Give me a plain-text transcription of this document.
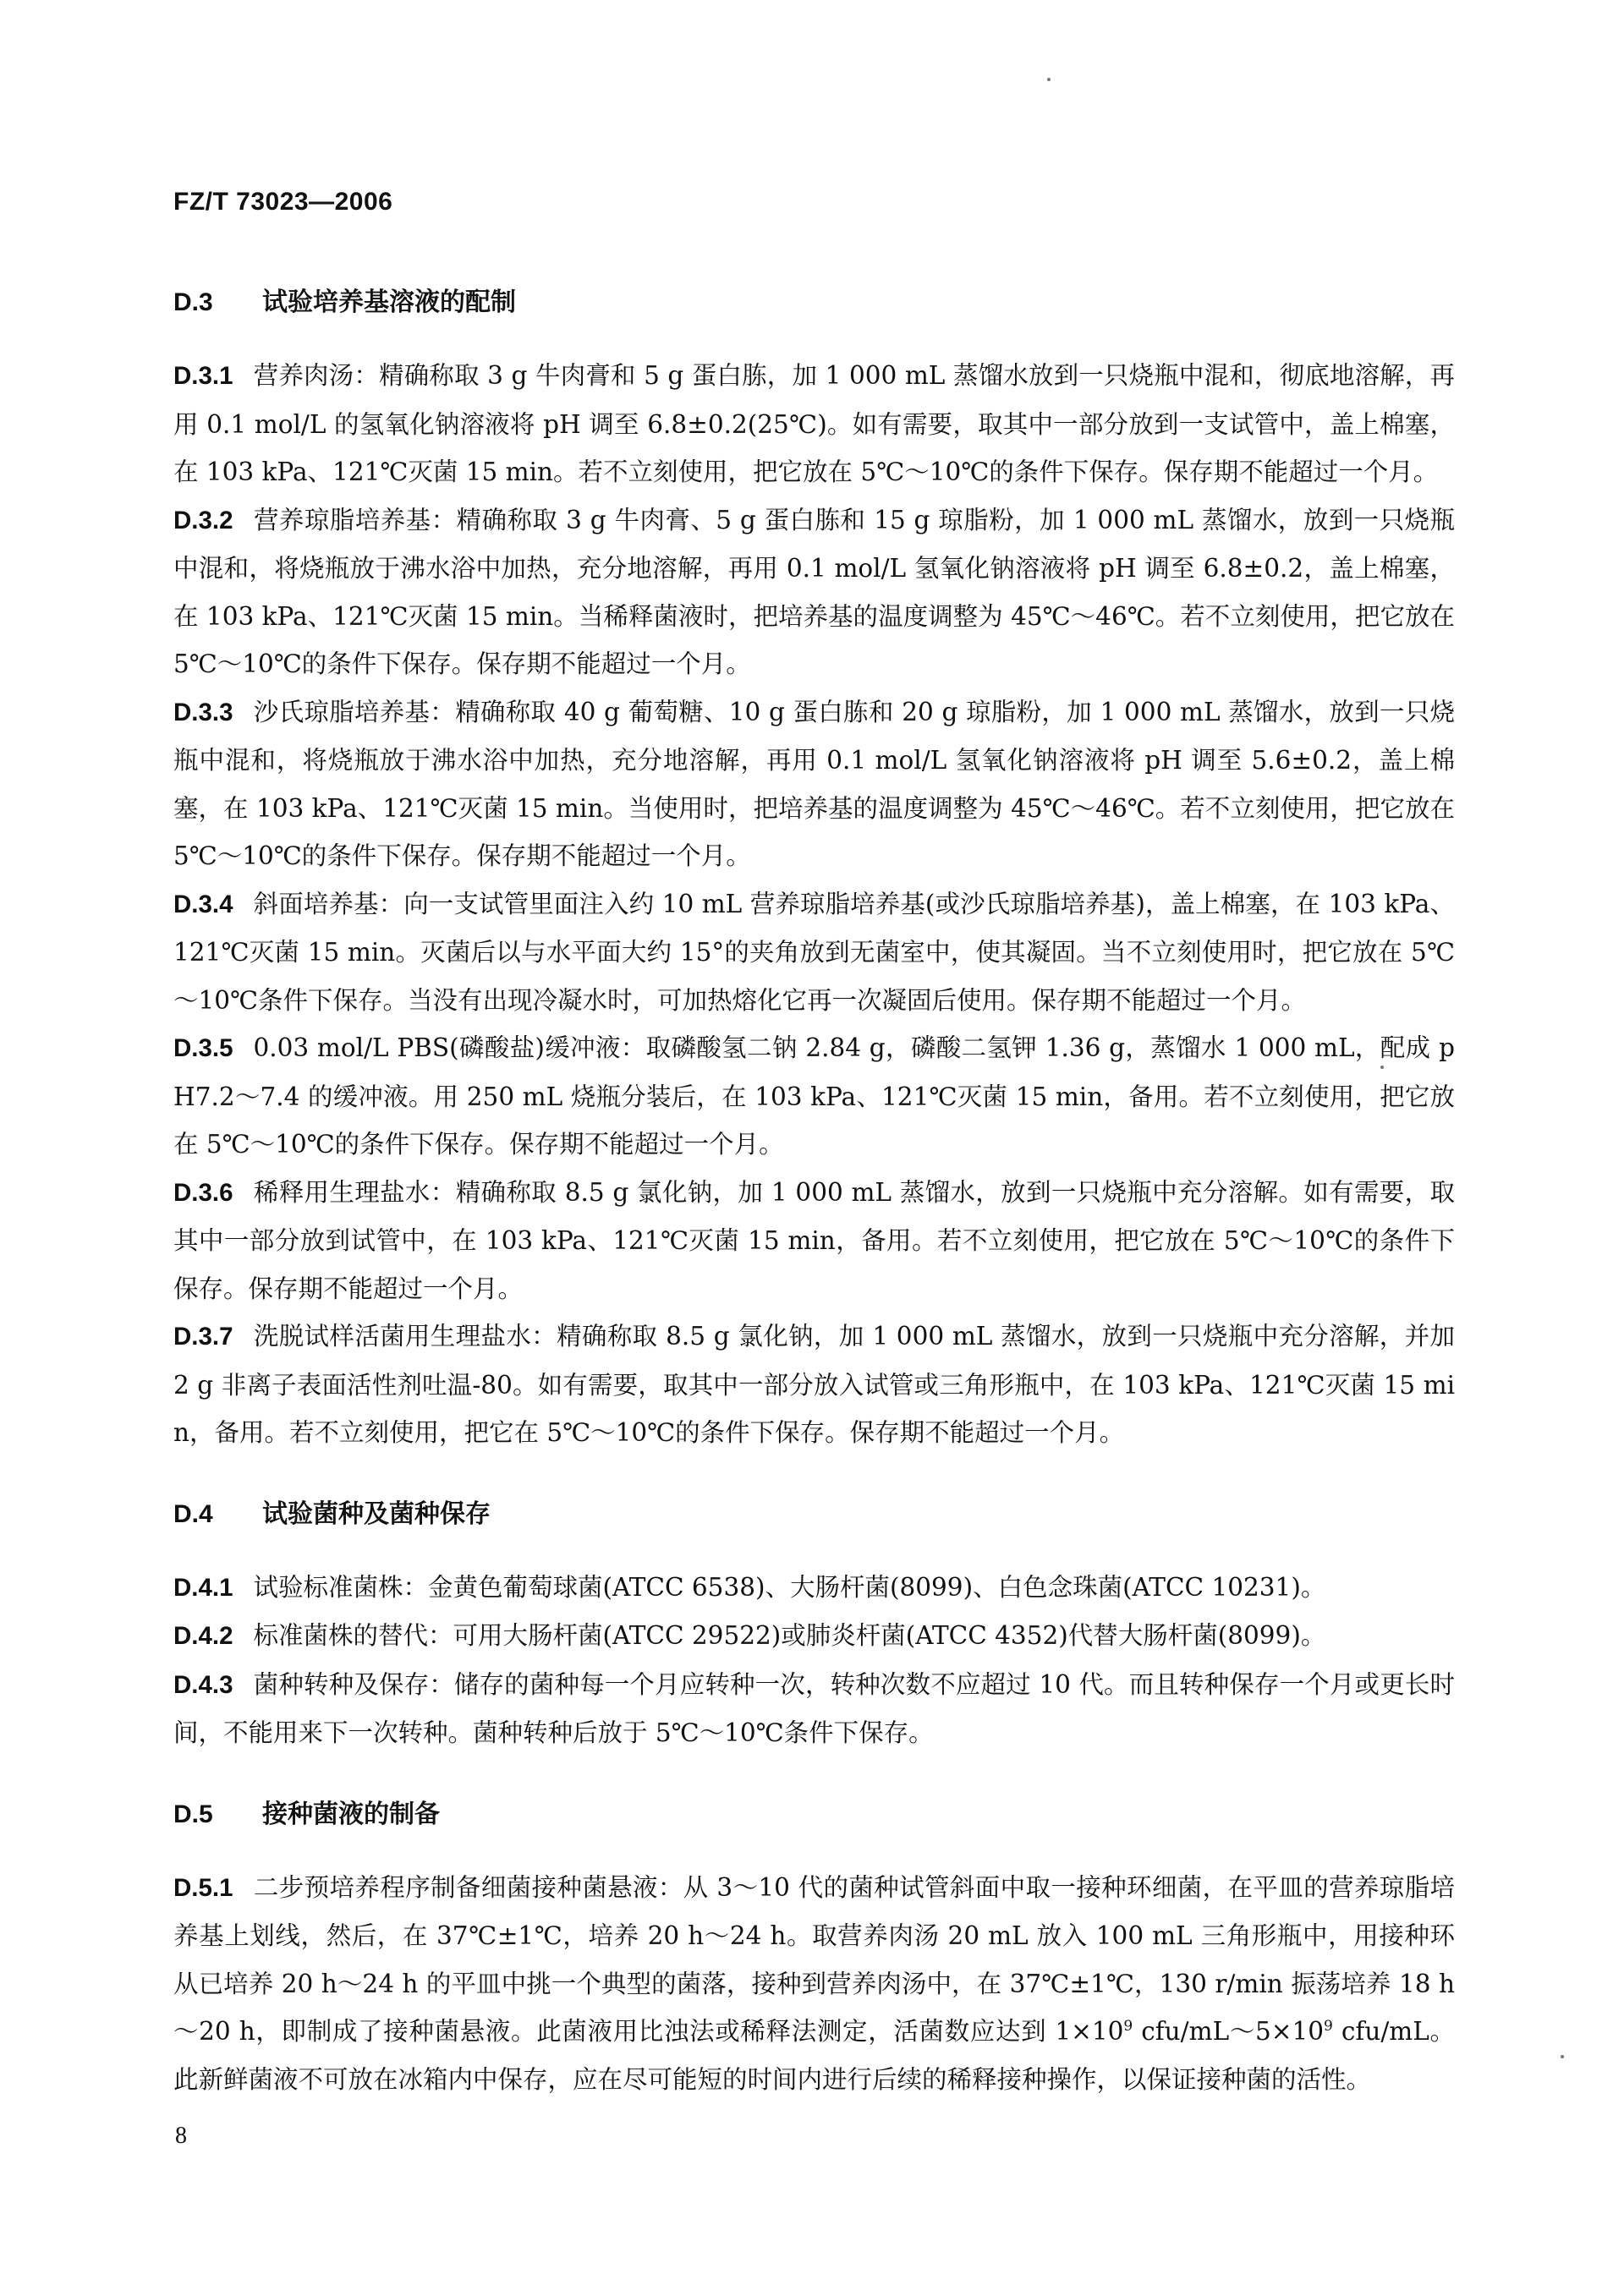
FZ/T 73023—2006
D.3 试验培养基溶液的配制

D.3.1 营养肉汤：精确称取 3 g 牛肉膏和 5 g 蛋白胨，加 1 000 mL 蒸馏水放到一只烧瓶中混和，彻底地溶解，再用 0.1 mol/L 的氢氧化钠溶液将 pH 调至 6.8±0.2(25℃)。如有需要，取其中一部分放到一支试管中，盖上棉塞，在 103 kPa、121℃灭菌 15 min。若不立刻使用，把它放在 5℃～10℃的条件下保存。保存期不能超过一个月。

D.3.2 营养琼脂培养基：精确称取 3 g 牛肉膏、5 g 蛋白胨和 15 g 琼脂粉，加 1 000 mL 蒸馏水，放到一只烧瓶中混和，将烧瓶放于沸水浴中加热，充分地溶解，再用 0.1 mol/L 氢氧化钠溶液将 pH 调至 6.8±0.2，盖上棉塞，在 103 kPa、121℃灭菌 15 min。当稀释菌液时，把培养基的温度调整为 45℃～46℃。若不立刻使用，把它放在 5℃～10℃的条件下保存。保存期不能超过一个月。

D.3.3 沙氏琼脂培养基：精确称取 40 g 葡萄糖、10 g 蛋白胨和 20 g 琼脂粉，加 1 000 mL 蒸馏水，放到一只烧瓶中混和，将烧瓶放于沸水浴中加热，充分地溶解，再用 0.1 mol/L 氢氧化钠溶液将 pH 调至 5.6±0.2，盖上棉塞，在 103 kPa、121℃灭菌 15 min。当使用时，把培养基的温度调整为 45℃～46℃。若不立刻使用，把它放在 5℃～10℃的条件下保存。保存期不能超过一个月。

D.3.4 斜面培养基：向一支试管里面注入约 10 mL 营养琼脂培养基(或沙氏琼脂培养基)，盖上棉塞，在 103 kPa、121℃灭菌 15 min。灭菌后以与水平面大约 15°的夹角放到无菌室中，使其凝固。当不立刻使用时，把它放在 5℃～10℃条件下保存。当没有出现冷凝水时，可加热熔化它再一次凝固后使用。保存期不能超过一个月。

D.3.5 0.03 mol/L PBS(磷酸盐)缓冲液：取磷酸氢二钠 2.84 g，磷酸二氢钾 1.36 g，蒸馏水 1 000 mL，配成 pH7.2～7.4 的缓冲液。用 250 mL 烧瓶分装后，在 103 kPa、121℃灭菌 15 min，备用。若不立刻使用，把它放在 5℃～10℃的条件下保存。保存期不能超过一个月。

D.3.6 稀释用生理盐水：精确称取 8.5 g 氯化钠，加 1 000 mL 蒸馏水，放到一只烧瓶中充分溶解。如有需要，取其中一部分放到试管中，在 103 kPa、121℃灭菌 15 min，备用。若不立刻使用，把它放在 5℃～10℃的条件下保存。保存期不能超过一个月。

D.3.7 洗脱试样活菌用生理盐水：精确称取 8.5 g 氯化钠，加 1 000 mL 蒸馏水，放到一只烧瓶中充分溶解，并加 2 g 非离子表面活性剂吐温-80。如有需要，取其中一部分放入试管或三角形瓶中，在 103 kPa、121℃灭菌 15 min，备用。若不立刻使用，把它在 5℃～10℃的条件下保存。保存期不能超过一个月。

D.4 试验菌种及菌种保存

D.4.1 试验标准菌株：金黄色葡萄球菌(ATCC 6538)、大肠杆菌(8099)、白色念珠菌(ATCC 10231)。

D.4.2 标准菌株的替代：可用大肠杆菌(ATCC 29522)或肺炎杆菌(ATCC 4352)代替大肠杆菌(8099)。

D.4.3 菌种转种及保存：储存的菌种每一个月应转种一次，转种次数不应超过 10 代。而且转种保存一个月或更长时间，不能用来下一次转种。菌种转种后放于 5℃～10℃条件下保存。

D.5 接种菌液的制备

D.5.1 二步预培养程序制备细菌接种菌悬液：从 3～10 代的菌种试管斜面中取一接种环细菌，在平皿的营养琼脂培养基上划线，然后，在 37℃±1℃，培养 20 h～24 h。取营养肉汤 20 mL 放入 100 mL 三角形瓶中，用接种环从已培养 20 h～24 h 的平皿中挑一个典型的菌落，接种到营养肉汤中，在 37℃±1℃，130 r/min 振荡培养 18 h～20 h，即制成了接种菌悬液。此菌液用比浊法或稀释法测定，活菌数应达到 $1\times 10^9$ cfu/$mL\sim 5\times 10^9$ cfu/mL。此新鲜菌液不可放在冰箱内中保存，应在尽可能短的时间内进行后续的稀释接种操作，以保证接种菌的活性。

8
